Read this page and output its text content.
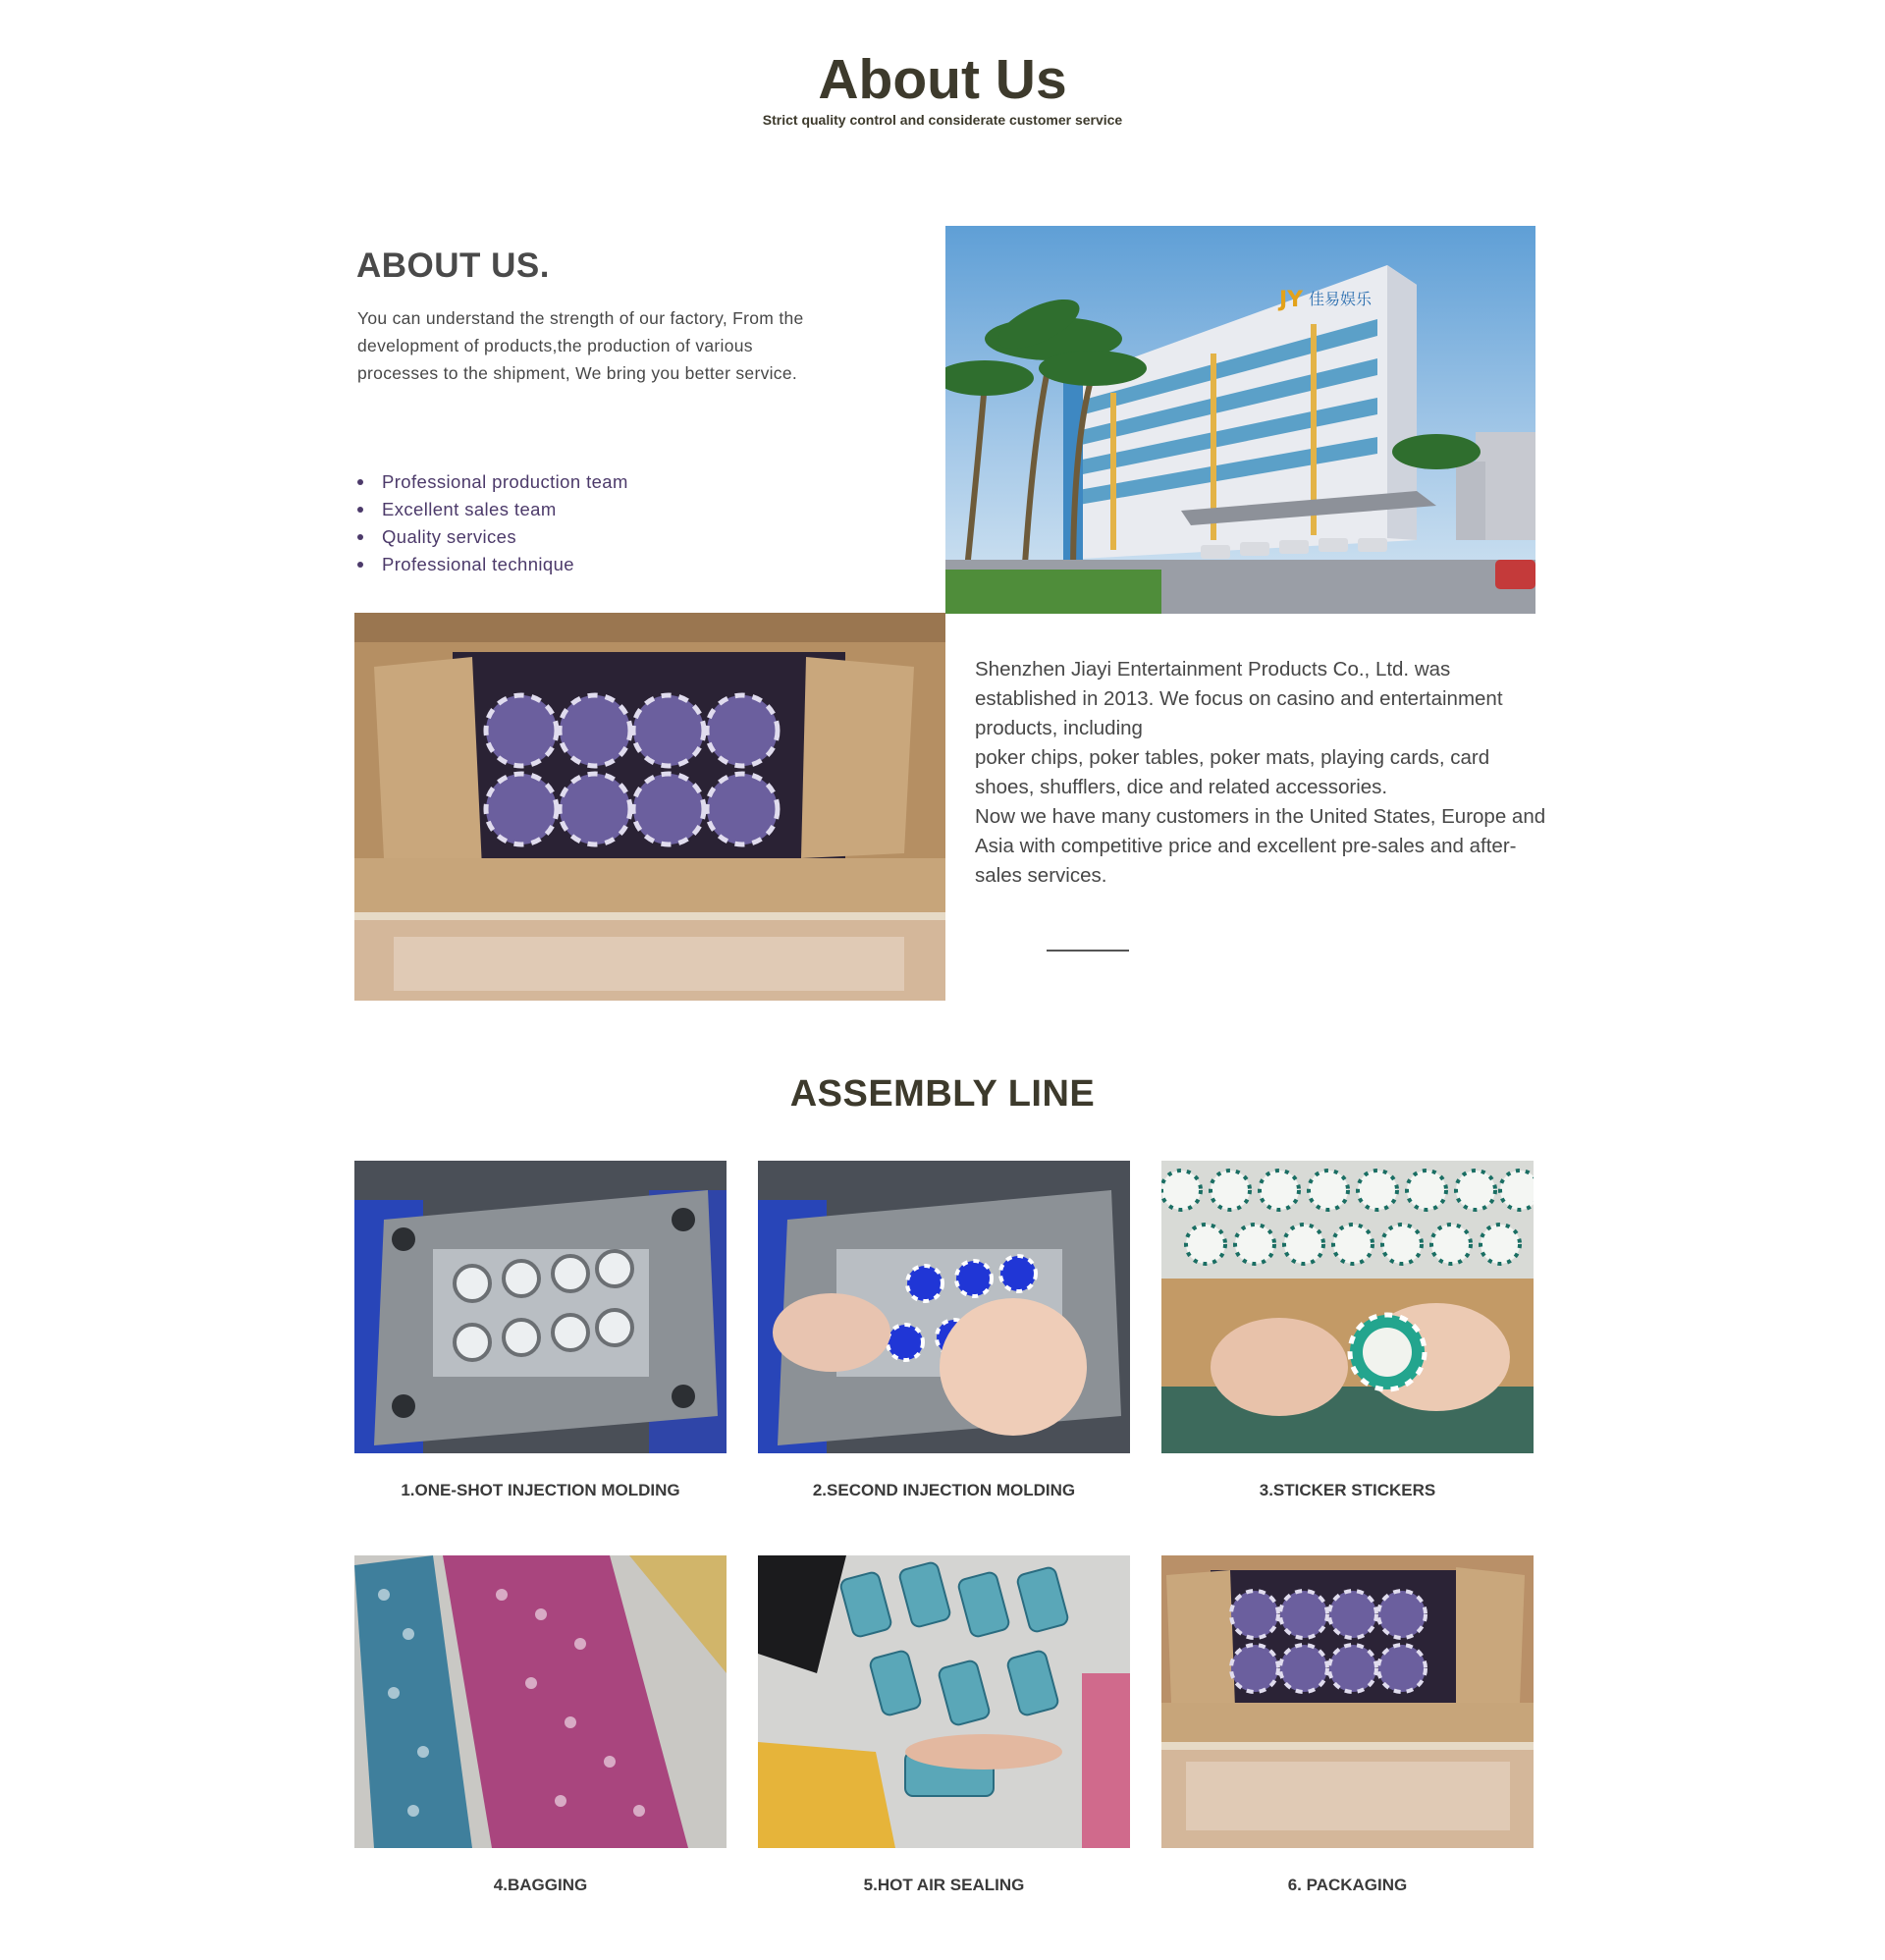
About Us
Strict quality control and considerate customer service
ABOUT US.

You can understand the strength of our factory, From the development of products,the production of various processes to the shipment, We bring you better service.

Professional production team
Excellent sales team
Quality services
Professional technique
佳易娱乐
JY

Shenzhen Jiayi Entertainment Products Co., Ltd. was established in 2013. We focus on casino and entertainment products, including

poker chips, poker tables, poker mats, playing cards, card shoes, shufflers, dice and related accessories.

Now we have many customers in the United States, Europe and Asia with competitive price and excellent pre-sales and after-sales services.

ASSEMBLY LINE
1.ONE-SHOT INJECTION MOLDING	2.SECOND INJECTION MOLDING	3.STICKER STICKERS
4.BAGGING	5.HOT AIR SEALING	6. PACKAGING
